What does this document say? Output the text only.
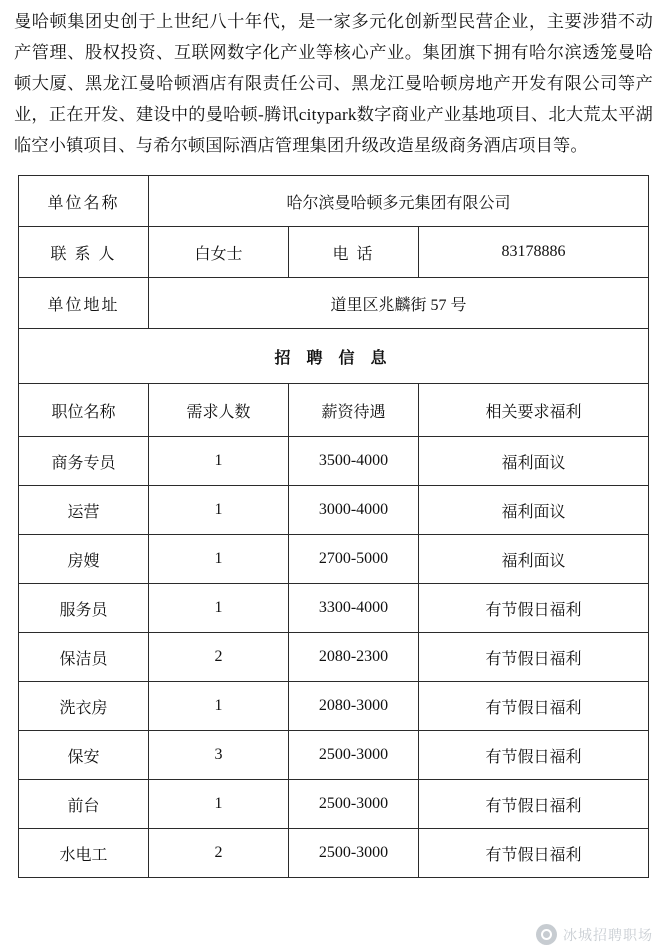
曼哈顿集团史创于上世纪八十年代，是一家多元化创新型民营企业，主要涉猎不动产管理、股权投资、互联网数字化产业等核心产业。集团旗下拥有哈尔滨透笼曼哈顿大厦、黑龙江曼哈顿酒店有限责任公司、黑龙江曼哈顿房地产开发有限公司等产业，正在开发、建设中的曼哈顿-腾讯citypark数字商业产业基地项目、北大荒太平湖临空小镇项目、与希尔顿国际酒店管理集团升级改造星级商务酒店项目等。

单位名称	哈尔滨曼哈顿多元集团有限公司		
联 系 人	白女士	电 话	83178886
单位地址	道里区兆麟街 57 号		
招 聘 信 息			
职位名称	需求人数	薪资待遇	相关要求福利
商务专员	1	3500-4000	福利面议
运营	1	3000-4000	福利面议
房嫂	1	2700-5000	福利面议
服务员	1	3300-4000	有节假日福利
保洁员	2	2080-2300	有节假日福利
洗衣房	1	2080-3000	有节假日福利
保安	3	2500-3000	有节假日福利
前台	1	2500-3000	有节假日福利
水电工	2	2500-3000	有节假日福利
冰城招聘职场
